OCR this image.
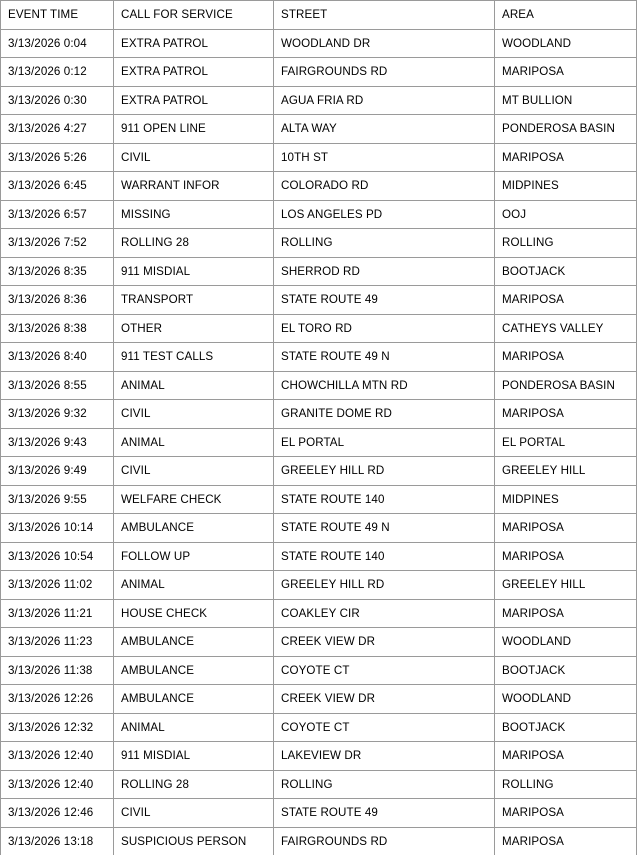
EVENT TIME	CALL FOR SERVICE	STREET	AREA
3/13/2026 0:04	EXTRA PATROL	WOODLAND DR	WOODLAND
3/13/2026 0:12	EXTRA PATROL	FAIRGROUNDS RD	MARIPOSA
3/13/2026 0:30	EXTRA PATROL	AGUA FRIA RD	MT BULLION
3/13/2026 4:27	911 OPEN LINE	ALTA WAY	PONDEROSA BASIN
3/13/2026 5:26	CIVIL	10TH ST	MARIPOSA
3/13/2026 6:45	WARRANT INFOR	COLORADO RD	MIDPINES
3/13/2026 6:57	MISSING	LOS ANGELES PD	OOJ
3/13/2026 7:52	ROLLING 28	ROLLING	ROLLING
3/13/2026 8:35	911 MISDIAL	SHERROD RD	BOOTJACK
3/13/2026 8:36	TRANSPORT	STATE ROUTE 49	MARIPOSA
3/13/2026 8:38	OTHER	EL TORO RD	CATHEYS VALLEY
3/13/2026 8:40	911 TEST CALLS	STATE ROUTE 49 N	MARIPOSA
3/13/2026 8:55	ANIMAL	CHOWCHILLA MTN RD	PONDEROSA BASIN
3/13/2026 9:32	CIVIL	GRANITE DOME RD	MARIPOSA
3/13/2026 9:43	ANIMAL	EL PORTAL	EL PORTAL
3/13/2026 9:49	CIVIL	GREELEY HILL RD	GREELEY HILL
3/13/2026 9:55	WELFARE CHECK	STATE ROUTE 140	MIDPINES
3/13/2026 10:14	AMBULANCE	STATE ROUTE 49 N	MARIPOSA
3/13/2026 10:54	FOLLOW UP	STATE ROUTE 140	MARIPOSA
3/13/2026 11:02	ANIMAL	GREELEY HILL RD	GREELEY HILL
3/13/2026 11:21	HOUSE CHECK	COAKLEY CIR	MARIPOSA
3/13/2026 11:23	AMBULANCE	CREEK VIEW DR	WOODLAND
3/13/2026 11:38	AMBULANCE	COYOTE CT	BOOTJACK
3/13/2026 12:26	AMBULANCE	CREEK VIEW DR	WOODLAND
3/13/2026 12:32	ANIMAL	COYOTE CT	BOOTJACK
3/13/2026 12:40	911 MISDIAL	LAKEVIEW DR	MARIPOSA
3/13/2026 12:40	ROLLING 28	ROLLING	ROLLING
3/13/2026 12:46	CIVIL	STATE ROUTE 49	MARIPOSA
3/13/2026 13:18	SUSPICIOUS PERSON	FAIRGROUNDS RD	MARIPOSA
